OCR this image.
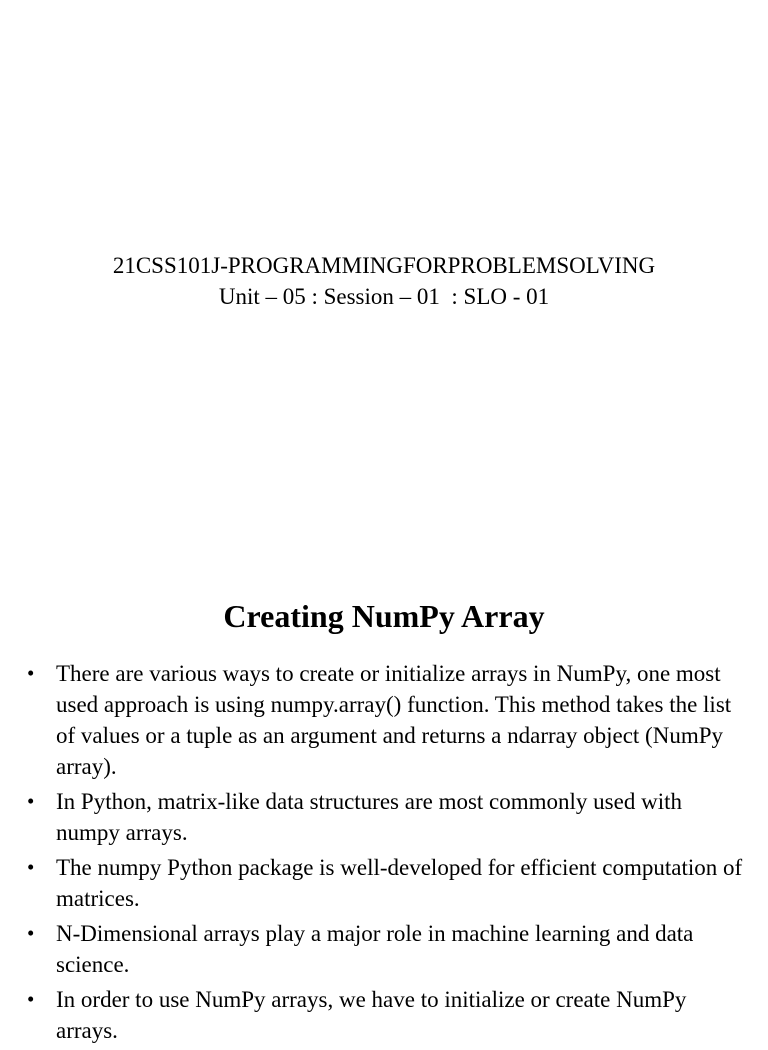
21CSS101J-PROGRAMMINGFORPROBLEMSOLVING
Unit – 05 : Session – 01  : SLO - 01
Creating NumPy Array
• There are various ways to create or initialize arrays in NumPy, one most used approach is using numpy.array() function. This method takes the list of values or a tuple as an argument and returns a ndarray object (NumPy array).
• In Python, matrix-like data structures are most commonly used with numpy arrays.
• The numpy Python package is well-developed for efficient computation of matrices.
• N-Dimensional arrays play a major role in machine learning and data science.
• In order to use NumPy arrays, we have to initialize or create NumPy arrays.
